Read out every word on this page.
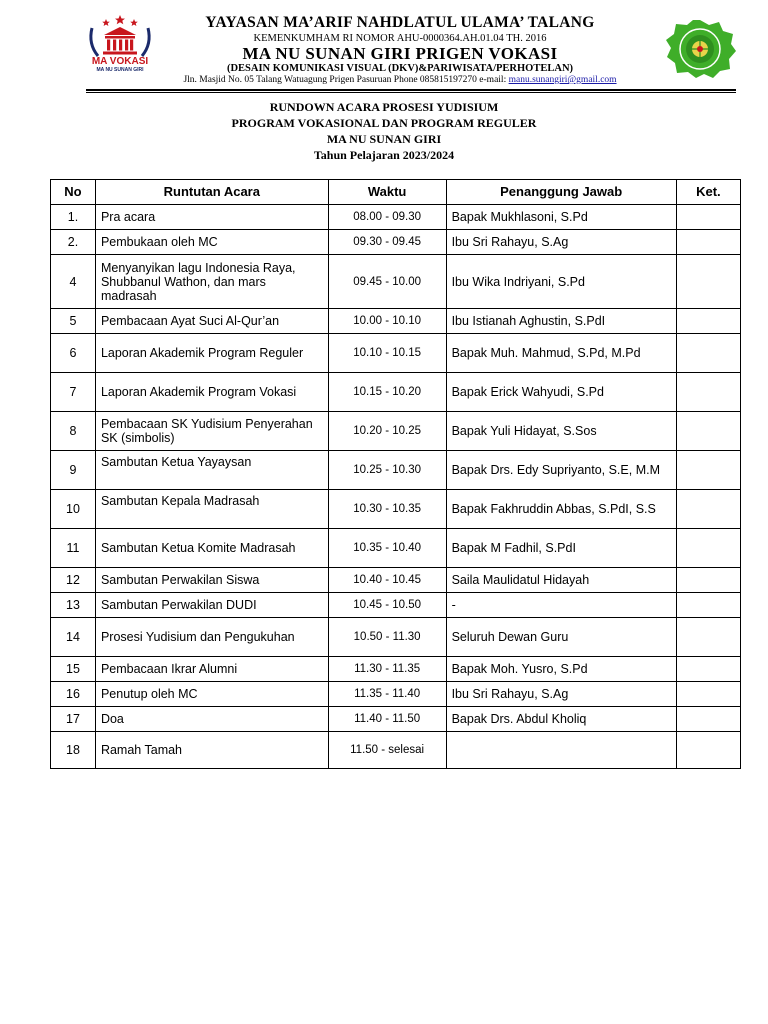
MA VOKASI
MA NU SUNAN GIRI
YAYASAN MA’ARIF NAHDLATUL ULAMA’ TALANG
KEMENKUMHAM RI NOMOR AHU-0000364.AH.01.04 TH. 2016
MA NU SUNAN GIRI PRIGEN VOKASI
(DESAIN KOMUNIKASI VISUAL (DKV)&PARIWISATA/PERHOTELAN)
Jln. Masjid No. 05 Talang Watuagung Prigen Pasuruan Phone 085815197270 e-mail: manu.sunangiri@gmail.com
RUNDOWN ACARA PROSESI YUDISIUM
PROGRAM VOKASIONAL DAN PROGRAM REGULER
MA NU SUNAN GIRI
Tahun Pelajaran 2023/2024
No	Runtutan Acara	Waktu	Penanggung Jawab	Ket.
1.	Pra acara	08.00 - 09.30	Bapak Mukhlasoni, S.Pd	
2.	Pembukaan oleh MC	09.30 - 09.45	Ibu Sri Rahayu, S.Ag	
4	Menyanyikan lagu Indonesia Raya, Shubbanul Wathon, dan mars madrasah	09.45 - 10.00	Ibu Wika Indriyani, S.Pd	
5	Pembacaan Ayat Suci Al-Qur’an	10.00 - 10.10	Ibu Istianah Aghustin, S.PdI	
6	Laporan Akademik Program Reguler	10.10 - 10.15	Bapak Muh. Mahmud, S.Pd, M.Pd	
7	Laporan Akademik Program Vokasi	10.15 - 10.20	Bapak Erick Wahyudi, S.Pd	
8	Pembacaan SK Yudisium Penyerahan SK (simbolis)	10.20 - 10.25	Bapak Yuli Hidayat, S.Sos	
9	Sambutan Ketua Yayaysan	10.25 - 10.30	Bapak Drs. Edy Supriyanto, S.E, M.M	
10	Sambutan Kepala Madrasah	10.30 - 10.35	Bapak Fakhruddin Abbas, S.PdI, S.S	
11	Sambutan Ketua Komite Madrasah	10.35 - 10.40	Bapak M Fadhil, S.PdI	
12	Sambutan Perwakilan Siswa	10.40 - 10.45	Saila Maulidatul Hidayah	
13	Sambutan Perwakilan DUDI	10.45 - 10.50	-	
14	Prosesi Yudisium dan Pengukuhan	10.50 - 11.30	Seluruh Dewan Guru	
15	Pembacaan Ikrar Alumni	11.30 - 11.35	Bapak Moh. Yusro, S.Pd	
16	Penutup oleh MC	11.35 - 11.40	Ibu Sri Rahayu, S.Ag	
17	Doa	11.40 - 11.50	Bapak Drs. Abdul Kholiq	
18	Ramah Tamah	11.50 - selesai		
